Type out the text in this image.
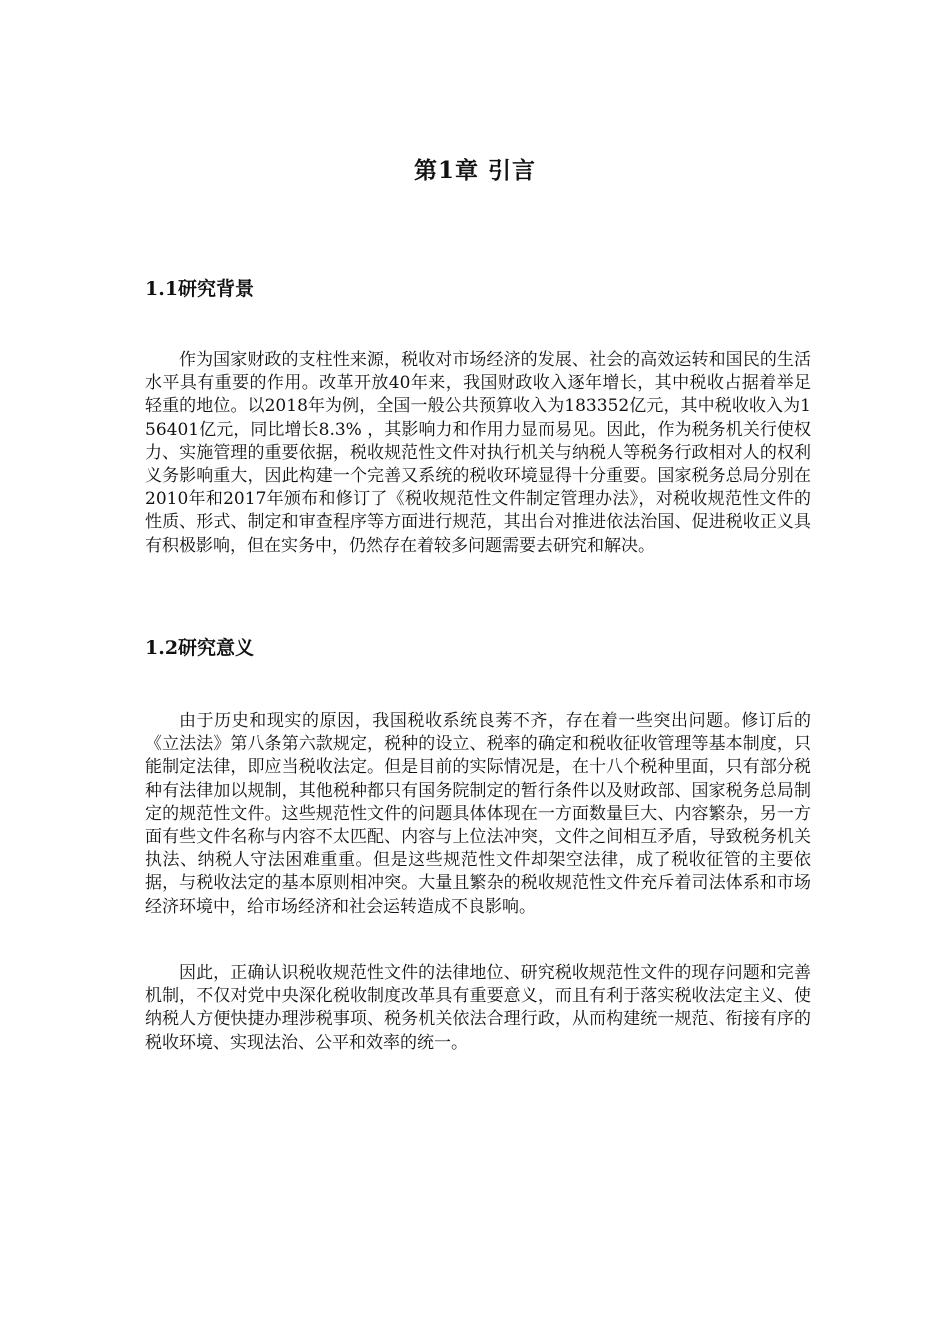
第1章 引言
1.1研究背景

作为国家财政的支柱性来源，税收对市场经济的发展、社会的高效运转和国民的生活水平具有重要的作用。改革开放40年来，我国财政收入逐年增长，其中税收占据着举足轻重的地位。以2018年为例，全国一般公共预算收入为183352亿元，其中税收收入为156401亿元，同比增长8.3% ，其影响力和作用力显而易见。因此，作为税务机关行使权力、实施管理的重要依据，税收规范性文件对执行机关与纳税人等税务行政相对人的权利义务影响重大，因此构建一个完善又系统的税收环境显得十分重要。国家税务总局分别在2010年和2017年颁布和修订了《税收规范性文件制定管理办法》，对税收规范性文件的性质、形式、制定和审查程序等方面进行规范，其出台对推进依法治国、促进税收正义具有积极影响，但在实务中，仍然存在着较多问题需要去研究和解决。

1.2研究意义

由于历史和现实的原因，我国税收系统良莠不齐，存在着一些突出问题。修订后的《立法法》第八条第六款规定，税种的设立、税率的确定和税收征收管理等基本制度，只能制定法律，即应当税收法定。但是目前的实际情况是，在十八个税种里面，只有部分税种有法律加以规制，其他税种都只有国务院制定的暂行条件以及财政部、国家税务总局制定的规范性文件。这些规范性文件的问题具体体现在一方面数量巨大、内容繁杂，另一方面有些文件名称与内容不太匹配、内容与上位法冲突，文件之间相互矛盾，导致税务机关执法、纳税人守法困难重重。但是这些规范性文件却架空法律，成了税收征管的主要依据，与税收法定的基本原则相冲突。大量且繁杂的税收规范性文件充斥着司法体系和市场经济环境中，给市场经济和社会运转造成不良影响。

因此，正确认识税收规范性文件的法律地位、研究税收规范性文件的现存问题和完善机制，不仅对党中央深化税收制度改革具有重要意义，而且有利于落实税收法定主义、使纳税人方便快捷办理涉税事项、税务机关依法合理行政，从而构建统一规范、衔接有序的税收环境、实现法治、公平和效率的统一。
